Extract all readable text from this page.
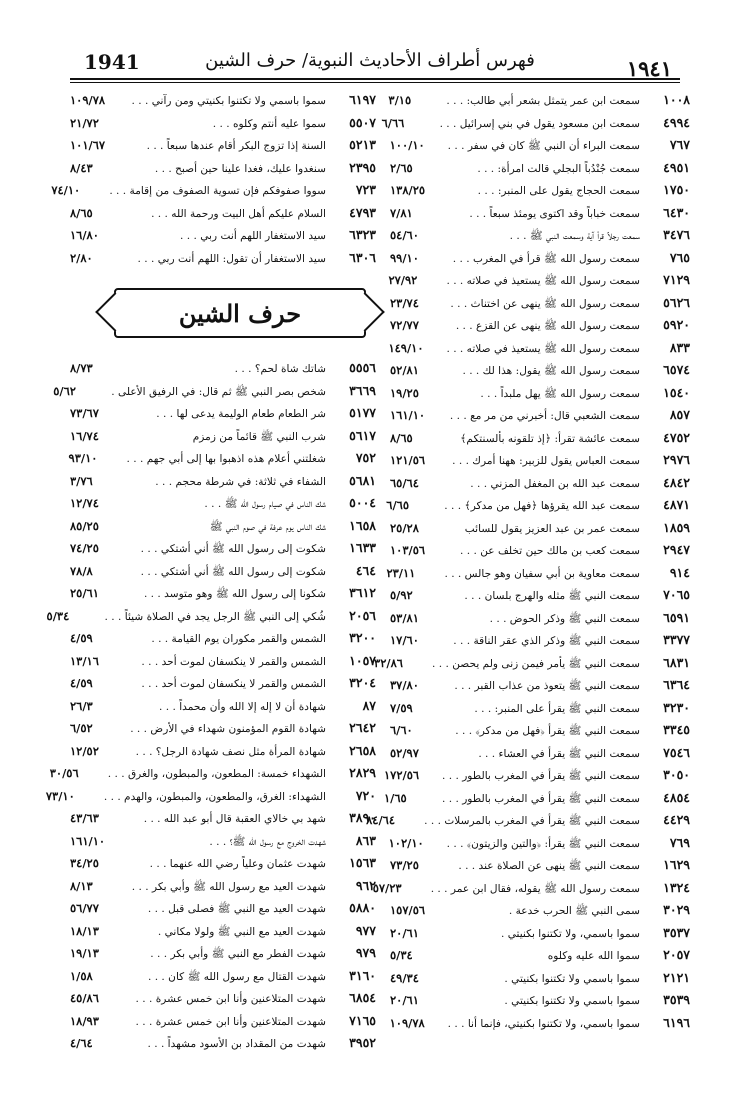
١٩٤١
فهرس أطراف الأحاديث النبوية/ حرف الشين
1941
١٠٠٨
سمعت ابن عمر يتمثل بشعر أبي طالب: . . .
٣/١٥
٤٩٩٤
سمعت ابن مسعود يقول في بني إسرائيل . . .
٦/٦٦
٧٦٧
سمعت البراء أن النبي ﷺ كان في سفر . . .
١٠٠/١٠
٤٩٥١
سمعت جُنْدُباً البجلي قالت امرأة: . . .
٢/٦٥
١٧٥٠
سمعت الحجاج يقول على المنبر: . . .
١٣٨/٢٥
٦٤٣٠
سمعت خباباً وقد اكتوى يومئذ سبعاً . . .
٧/٨١
٣٤٧٦
سمعت رجلاً قرأ آية وسمعت النبي ﷺ . . .
٥٤/٦٠
٧٦٥
سمعت رسول الله ﷺ قرأ في المغرب . . .
٩٩/١٠
٧١٢٩
سمعت رسول الله ﷺ يستعيذ في صلاته . . .
٢٧/٩٢
٥٦٢٦
سمعت رسول الله ﷺ ينهى عن اختناث . . .
٢٣/٧٤
٥٩٢٠
سمعت رسول الله ﷺ ينهى عن القزع . . .
٧٢/٧٧
٨٣٣
سمعت رسول الله ﷺ يستعيذ في صلاته . . .
١٤٩/١٠
٦٥٧٤
سمعت رسول الله ﷺ يقول: هذا لك . . .
٥٢/٨١
١٥٤٠
سمعت رسول الله ﷺ يهل ملبداً . . .
١٩/٢٥
٨٥٧
سمعت الشعبي قال: أخبرني من مر مع . . .
١٦١/١٠
٤٧٥٢
سمعت عائشة تقرأ: ﴿إذ تلقونه بألسنتكم﴾
٨/٦٥
٢٩٧٦
سمعت العباس يقول للزبير: ههنا أمرك . . .
١٢١/٥٦
٤٨٤٢
سمعت عبد الله بن المغفل المزني . . .
٦٥/٦٤
٤٨٧١
سمعت عبد الله يقرؤها ﴿فهل من مدكر﴾ . . .
٦/٦٥
١٨٥٩
سمعت عمر بن عبد العزيز يقول للسائب
٢٥/٢٨
٢٩٤٧
سمعت كعب بن مالك حين تخلف عن . . .
١٠٣/٥٦
٩١٤
سمعت معاوية بن أبي سفيان وهو جالس . . .
٢٣/١١
٧٠٦٥
سمعت النبي ﷺ مثله والهرج بلسان . . .
٥/٩٢
٦٥٩١
سمعت النبي ﷺ وذكر الحوض . . .
٥٣/٨١
٣٣٧٧
سمعت النبي ﷺ وذكر الذي عقر الناقة . . .
١٧/٦٠
٦٨٣١
سمعت النبي ﷺ يأمر فيمن زنى ولم يحصن . . .
٣٢/٨٦
٦٣٦٤
سمعت النبي ﷺ يتعوذ من عذاب القبر . . .
٣٧/٨٠
٣٢٣٠
سمعت النبي ﷺ يقرأ على المنبر: . . .
٧/٥٩
٣٣٤٥
سمعت النبي ﷺ يقرأ ﴿فهل من مدكر﴾ . . .
٦/٦٠
٧٥٤٦
سمعت النبي ﷺ يقرأ في العشاء . . .
٥٢/٩٧
٣٠٥٠
سمعت النبي ﷺ يقرأ في المغرب بالطور . . .
١٧٢/٥٦
٤٨٥٤
سمعت النبي ﷺ يقرأ في المغرب بالطور . . .
١/٦٥
٤٤٢٩
سمعت النبي ﷺ يقرأ في المغرب بالمرسلات . . .
٨٤/٦٤
٧٦٩
سمعت النبي ﷺ يقرأ: ﴿والتين والزيتون﴾ . . .
١٠٢/١٠
١٦٢٩
سمعت النبي ﷺ ينهى عن الصلاة عند . . .
٧٣/٢٥
١٣٢٤
سمعت رسول الله ﷺ يقوله، فقال ابن عمر . . .
٥٧/٢٣
٣٠٢٩
سمى النبي ﷺ الحرب خدعة .
١٥٧/٥٦
٣٥٣٧
سموا باسمي، ولا تكتنوا بكنيتي .
٢٠/٦١
٢٠٥٧
سموا الله عليه وكلوه
٥/٣٤
٢١٢١
سموا باسمي ولا تكتنوا بكنيتي .
٤٩/٣٤
٣٥٣٩
سموا باسمي ولا تكتنوا بكنيتي .
٢٠/٦١
٦١٩٦
سموا باسمي، ولا تكتنوا بكنيتي، فإنما أنا . . .
١٠٩/٧٨
٦١٩٧
سموا باسمي ولا تكتنوا بكنيتي ومن رآني . . .
١٠٩/٧٨
٥٥٠٧
سموا عليه أنتم وكلوه . . .
٢١/٧٢
٥٢١٣
السنة إذا تزوج البكر أقام عندها سبعاً . . .
١٠١/٦٧
٢٣٩٥
سنغدوا عليك، فغدا علينا حين أصبح . . .
٨/٤٣
٧٢٣
سووا صفوفكم فإن تسوية الصفوف من إقامة . . .
٧٤/١٠
٤٧٩٣
السلام عليكم أهل البيت ورحمة الله . . .
٨/٦٥
٦٣٢٣
سيد الاستغفار اللهم أنت ربي . . .
١٦/٨٠
٦٣٠٦
سيد الاستغفار أن تقول: اللهم أنت ربي . . .
٢/٨٠
حرف الشين
٥٥٥٦
شاتك شاة لحم؟ . . .
٨/٧٣
٣٦٦٩
شخص بصر النبي ﷺ ثم قال: في الرفيق الأعلى .
٥/٦٢
٥١٧٧
شر الطعام طعام الوليمة يدعى لها . . .
٧٣/٦٧
٥٦١٧
شرب النبي ﷺ قائماً من زمزم
١٦/٧٤
٧٥٢
شغلتني أعلام هذه اذهبوا بها إلى أبي جهم . . .
٩٣/١٠
٥٦٨١
الشفاء في ثلاثة: في شرطة محجم . . .
٣/٧٦
٥٠٠٤
شك الناس في صيام رسول الله ﷺ . . .
١٢/٧٤
١٦٥٨
شك الناس يوم عرفة في صوم النبي ﷺ
٨٥/٢٥
١٦٣٣
شكوت إلى رسول الله ﷺ أني أشتكي . . .
٧٤/٢٥
٤٦٤
شكوت إلى رسول الله ﷺ أني أشتكي . . .
٧٨/٨
٣٦١٢
شكونا إلى رسول الله ﷺ وهو متوسد . . .
٢٥/٦١
٢٠٥٦
شُكي إلى النبي ﷺ الرجل يجد في الصلاة شيئاً . . .
٥/٣٤
٣٢٠٠
الشمس والقمر مكوران يوم القيامة . . .
٤/٥٩
١٠٥٧
الشمس والقمر لا ينكسفان لموت أحد . . .
١٣/١٦
٣٢٠٤
الشمس والقمر لا ينكسفان لموت أحد . . .
٤/٥٩
٨٧
شهادة أن لا إله إلا الله وأن محمداً . . .
٢٦/٣
٢٦٤٢
شهادة القوم المؤمنون شهداء في الأرض . . .
٦/٥٢
٢٦٥٨
شهادة المرأة مثل نصف شهادة الرجل؟ . . .
١٢/٥٢
٢٨٢٩
الشهداء خمسة: المطعون، والمبطون، والغرق . . .
٣٠/٥٦
٧٢٠
الشهداء: الغرق، والمطعون، والمبطون، والهدم . . .
٧٣/١٠
٣٨٩٠
شهد بي خالاي العقبة قال أبو عبد الله . . .
٤٣/٦٣
٨٦٣
شهدت الخروج مع رسول الله ﷺ؟ . . .
١٦١/١٠
١٥٦٣
شهدت عثمان وعلياً رضي الله عنهما . . .
٣٤/٢٥
٩٦٢
شهدت العيد مع رسول الله ﷺ وأبي بكر . . .
٨/١٣
٥٨٨٠
شهدت العيد مع النبي ﷺ فصلى قبل . . .
٥٦/٧٧
٩٧٧
شهدت العيد مع النبي ﷺ ولولا مكاني .
١٨/١٣
٩٧٩
شهدت الفطر مع النبي ﷺ وأبي بكر . . .
١٩/١٣
٣١٦٠
شهدت القتال مع رسول الله ﷺ كان . . .
١/٥٨
٦٨٥٤
شهدت المتلاعنين وأنا ابن خمس عشرة . . .
٤٥/٨٦
٧١٦٥
شهدت المتلاعنين وأنا ابن خمس عشرة . . .
١٨/٩٣
٣٩٥٢
شهدت من المقداد بن الأسود مشهداً . . .
٤/٦٤
